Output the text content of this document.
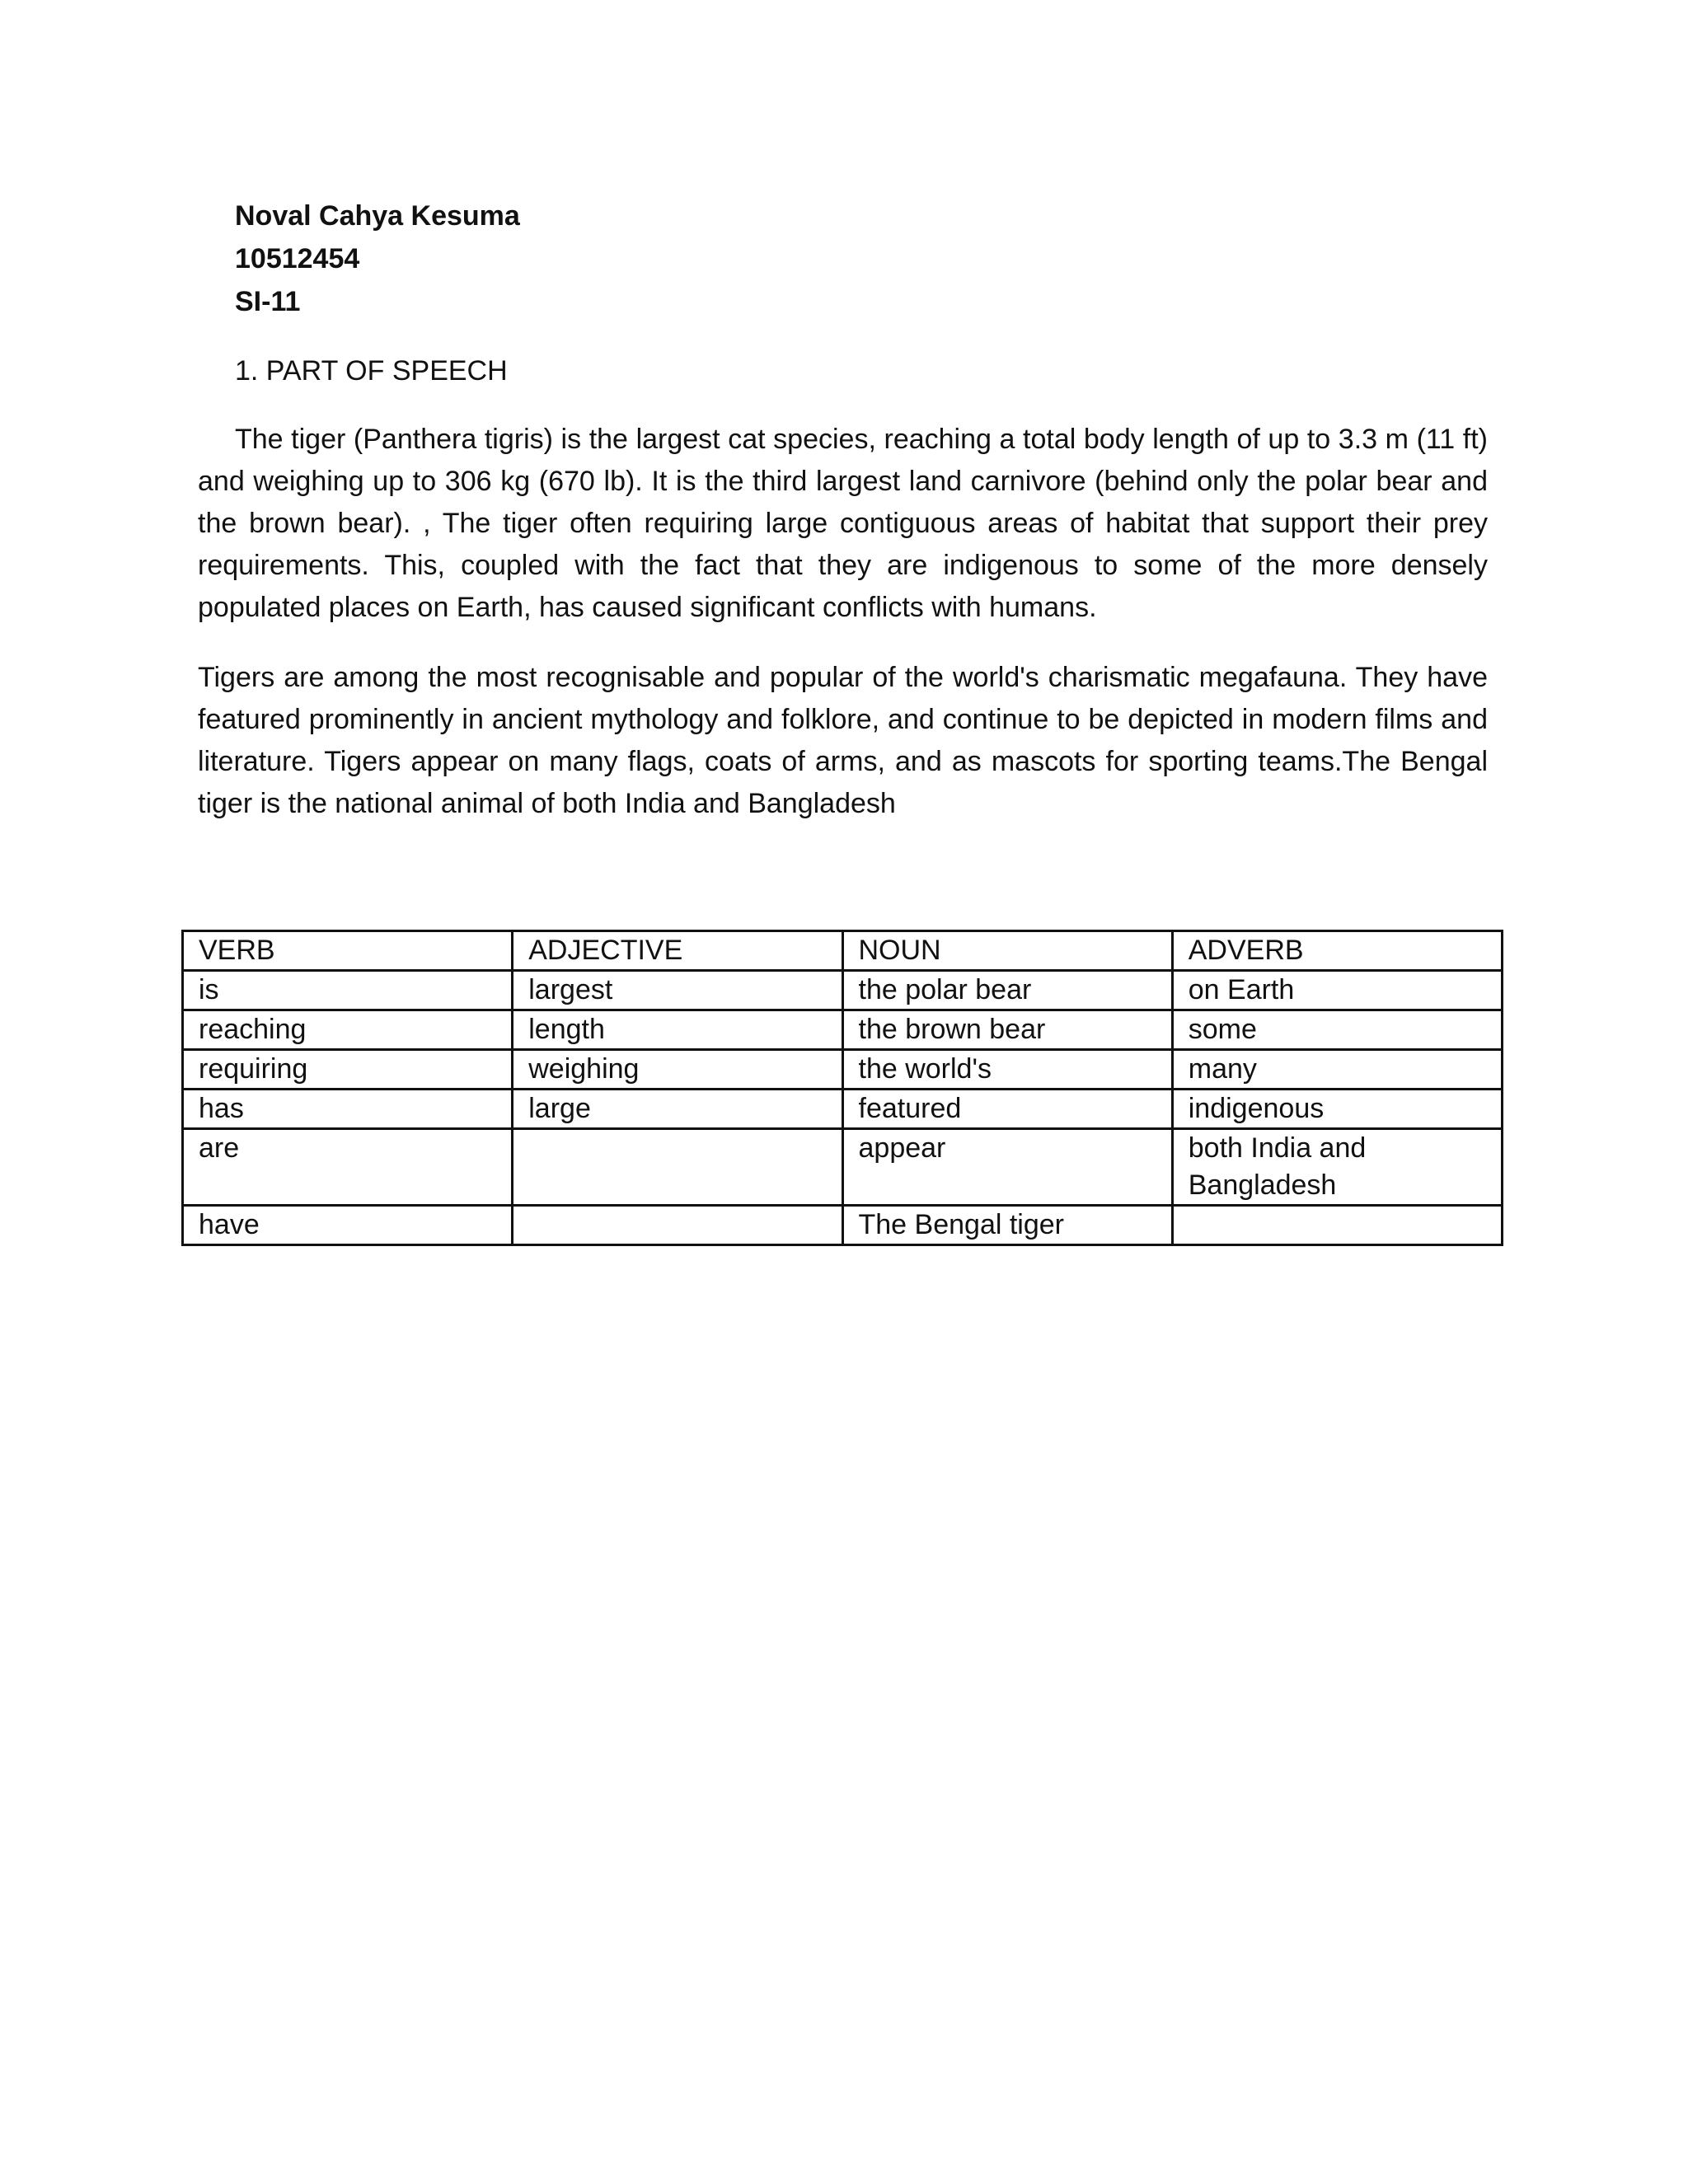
Noval Cahya Kesuma
10512454
SI-11
1. PART OF SPEECH

The tiger (Panthera tigris) is the largest cat species, reaching a total body length of up to 3.3 m (11 ft) and weighing up to 306 kg (670 lb). It is the third largest land carnivore (behind only the polar bear and the brown bear). , The tiger often requiring large contiguous areas of habitat that support their prey requirements. This, coupled with the fact that they are indigenous to some of the more densely populated places on Earth, has caused significant conflicts with humans.

Tigers are among the most recognisable and popular of the world's charismatic megafauna. They have featured prominently in ancient mythology and folklore, and continue to be depicted in modern films and literature. Tigers appear on many flags, coats of arms, and as mascots for sporting teams.The Bengal tiger is the national animal of both India and Bangladesh

VERB	ADJECTIVE	NOUN	ADVERB
is	largest	the polar bear	on Earth
reaching	length	the brown bear	some
requiring	weighing	the world's	many
has	large	featured	indigenous
are		appear	both India and Bangladesh
have		The Bengal tiger	
